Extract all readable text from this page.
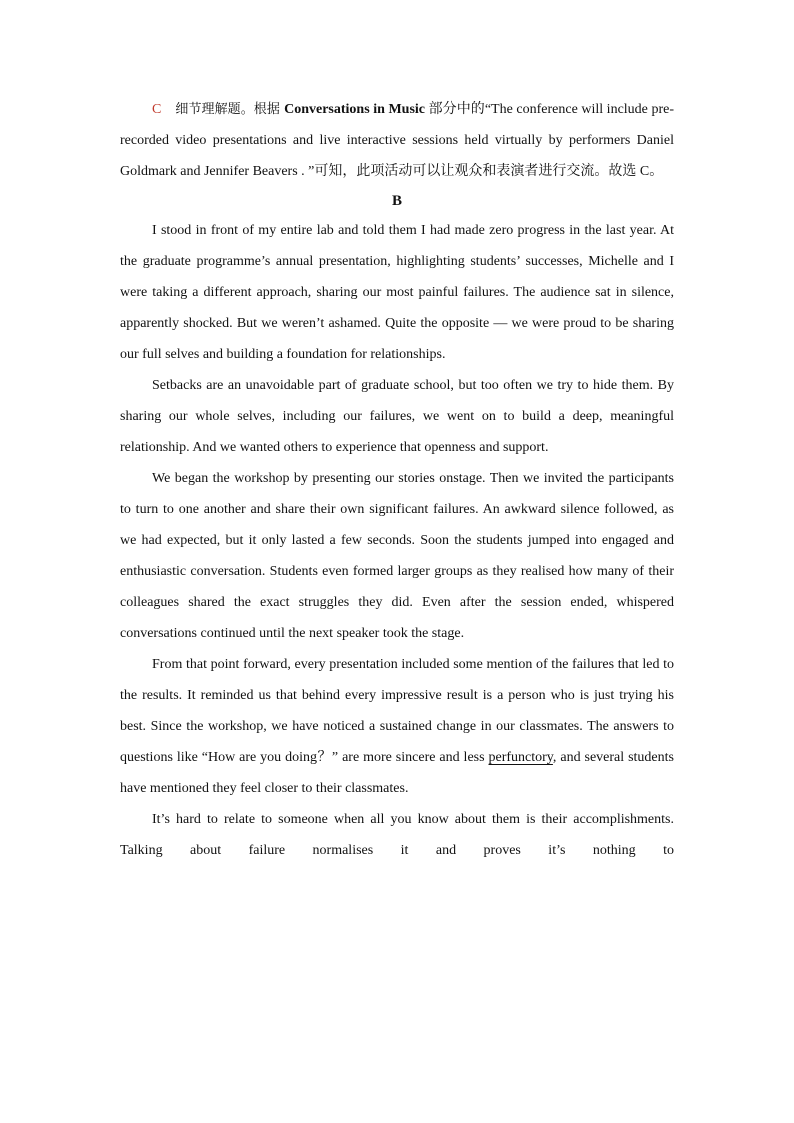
C 细节理解题。根据 Conversations in Music 部分中的“The conference will include pre-recorded video presentations and live interactive sessions held virtually by performers Daniel Goldmark and Jennifer Beavers . ”可知，此项活动可以让观众和表演者进行交流。故选 C。

B

I stood in front of my entire lab and told them I had made zero progress in the last year. At the graduate programme’s annual presentation, highlighting students’ successes, Michelle and I were taking a different approach, sharing our most painful failures. The audience sat in silence, apparently shocked. But we weren’t ashamed. Quite the opposite — we were proud to be sharing our full selves and building a foundation for relationships.

Setbacks are an unavoidable part of graduate school, but too often we try to hide them. By sharing our whole selves, including our failures, we went on to build a deep, meaningful relationship. And we wanted others to experience that openness and support.

We began the workshop by presenting our stories onstage. Then we invited the participants to turn to one another and share their own significant failures. An awkward silence followed, as we had expected, but it only lasted a few seconds. Soon the students jumped into engaged and enthusiastic conversation. Students even formed larger groups as they realised how many of their colleagues shared the exact struggles they did. Even after the session ended, whispered conversations continued until the next speaker took the stage.

From that point forward, every presentation included some mention of the failures that led to the results. It reminded us that behind every impressive result is a person who is just trying his best. Since the workshop, we have noticed a sustained change in our classmates. The answers to questions like “How are you doing？” are more sincere and less perfunctory, and several students have mentioned they feel closer to their classmates.

It’s hard to relate to someone when all you know about them is their accomplishments. Talking about failure normalises it and proves it’s nothing to
